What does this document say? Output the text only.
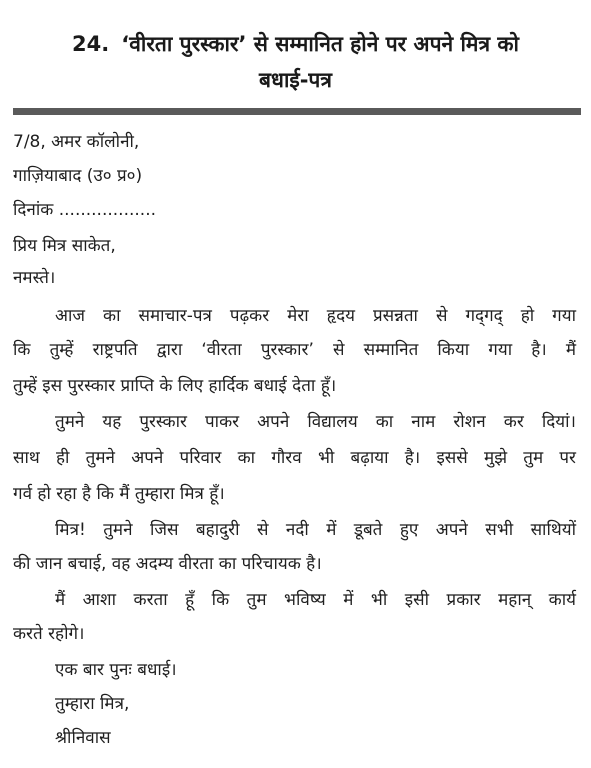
24. ‘वीरता पुरस्कार’ से सम्मानित होने पर अपने मित्र को
बधाई-पत्र
7/8, अमर कॉलोनी,
गाज़ियाबाद (उ० प्र०)
दिनांक ..................
प्रिय मित्र साकेत,
नमस्ते।
आज का समाचार-पत्र पढ़कर मेरा हृदय प्रसन्नता से गद्‌गद् हो गया
कि तुम्हें राष्ट्रपति द्वारा ‘वीरता पुरस्कार’ से सम्मानित किया गया है। मैं
तुम्हें इस पुरस्कार प्राप्ति के लिए हार्दिक बधाई देता हूँ।
तुमने यह पुरस्कार पाकर अपने विद्यालय का नाम रोशन कर दियां।
साथ ही तुमने अपने परिवार का गौरव भी बढ़ाया है। इससे मुझे तुम पर
गर्व हो रहा है कि मैं तुम्हारा मित्र हूँ।
मित्र! तुमने जिस बहादुरी से नदी में डूबते हुए अपने सभी साथियों
की जान बचाई, वह अदम्य वीरता का परिचायक है।
मैं आशा करता हूँ कि तुम भविष्य में भी इसी प्रकार महान् कार्य
करते रहोगे।
एक बार पुनः बधाई।
तुम्हारा मित्र,
श्रीनिवास
